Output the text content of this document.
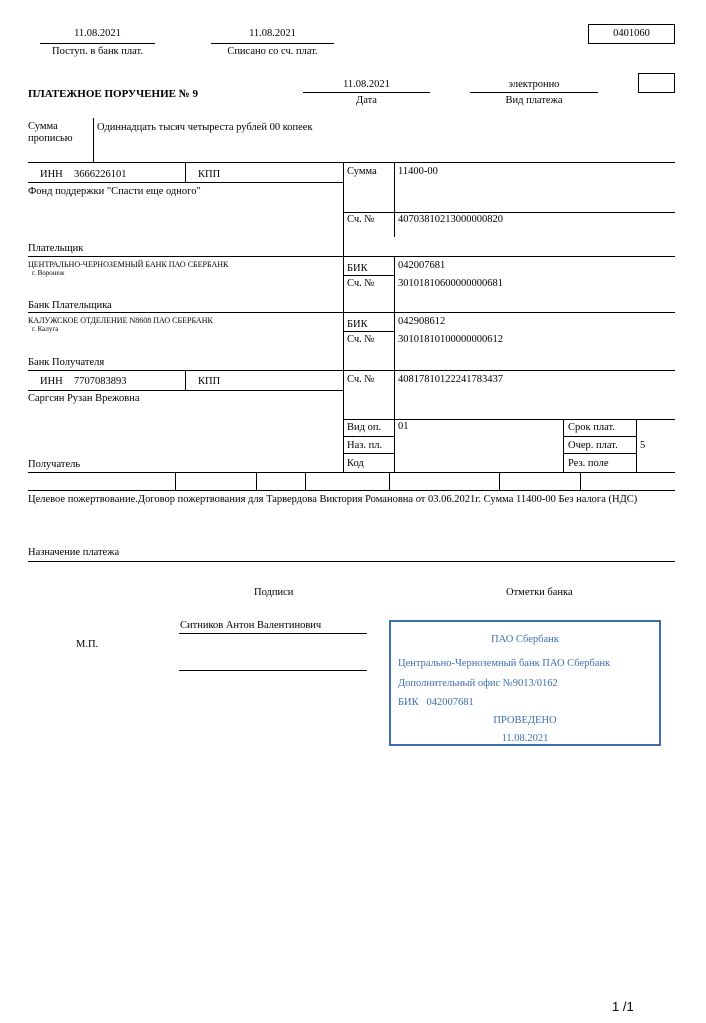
11.08.2021
Поступ. в банк плат.
11.08.2021
Списано со сч. плат.
0401060
ПЛАТЕЖНОЕ ПОРУЧЕНИЕ № 9
11.08.2021
Дата
электронно
Вид платежа
Сумма
прописью
Одиннадцать тысяч четыреста рублей 00 копеек
ИНН 3666226101	КПП
Фонд поддержки "Спасти еще одного"
Плательщик
Сумма 11400-00
Сч. № 40703810213000000820
ЦЕНТРАЛЬНО-ЧЕРНОЗЕМНЫЙ БАНК ПАО СБЕРБАНК
г. Воронеж
Банк Плательщика
БИК	042007681
Сч. № 30101810600000000681
КАЛУЖСКОЕ ОТДЕЛЕНИЕ N8608 ПАО СБЕРБАНК
г. Калуга
Банк Получателя
БИК	042908612
Сч. № 30101810100000000612
ИНН 7707083893	КПП
Саргсян Рузан Врежовна
Получатель
Сч. № 40817810122241783437
Вид оп. 01
Наз. пл.
Код
Срок плат.
Очер. плат. 5
Рез. поле
Целевое пожертвование.Договор пожертвования для Тарвердова Виктория Романовна от 03.06.2021г. Сумма 11400-00 Без налога (НДС)
Назначение платежа
Подписи	Отметки банка
М.П.
Ситников Антон Валентинович
ПАО Сбербанк
Центрально-Черноземный банк ПАО Сбербанк
Дополнительный офис №9013/0162
БИК 042007681
ПРОВЕДЕНО
11.08.2021
1 /1
